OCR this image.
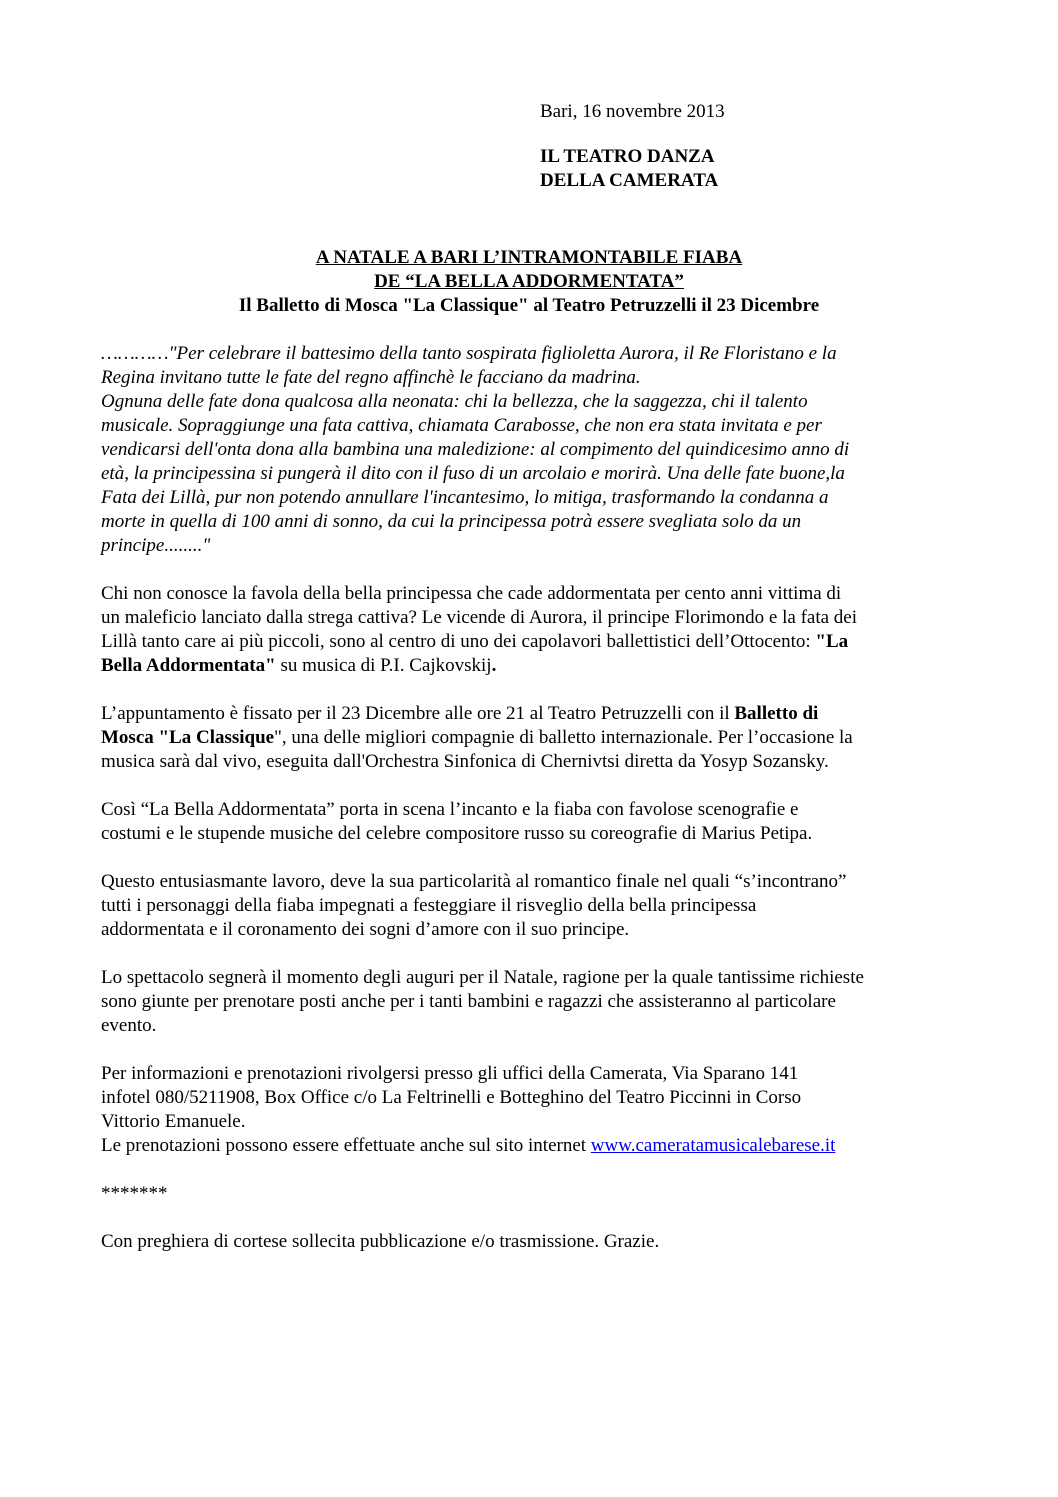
Bari, 16 novembre 2013
IL TEATRO DANZA
DELLA CAMERATA
A NATALE A BARI L’INTRAMONTABILE FIABA
DE “LA BELLA ADDORMENTATA”
Il Balletto di Mosca "La Classique" al Teatro Petruzzelli il 23 Dicembre

…………"Per celebrare il battesimo della tanto sospirata figlioletta Aurora, il Re Floristano e la
Regina invitano tutte le fate del regno affinchè le facciano da madrina.
Ognuna delle fate dona qualcosa alla neonata: chi la bellezza, che la saggezza, chi il talento
musicale. Sopraggiunge una fata cattiva, chiamata Carabosse, che non era stata invitata e per
vendicarsi dell'onta dona alla bambina una maledizione: al compimento del quindicesimo anno di
età, la principessina si pungerà il dito con il fuso di un arcolaio e morirà. Una delle fate buone,la
Fata dei Lillà, pur non potendo annullare l'incantesimo, lo mitiga, trasformando la condanna a
morte in quella di 100 anni di sonno, da cui la principessa potrà essere svegliata solo da un
principe........"

Chi non conosce la favola della bella principessa che cade addormentata per cento anni vittima di
un maleficio lanciato dalla strega cattiva? Le vicende di Aurora, il principe Florimondo e la fata dei
Lillà tanto care ai più piccoli, sono al centro di uno dei capolavori ballettistici dell’Ottocento: "La
Bella Addormentata" su musica di P.I. Cajkovskij.

L’appuntamento è fissato per il 23 Dicembre alle ore 21 al Teatro Petruzzelli con il Balletto di
Mosca "La Classique", una delle migliori compagnie di balletto internazionale. Per l’occasione la
musica sarà dal vivo, eseguita dall'Orchestra Sinfonica di Chernivtsi diretta da Yosyp Sozansky.

Così “La Bella Addormentata” porta in scena l’incanto e la fiaba con favolose scenografie e
costumi e le stupende musiche del celebre compositore russo su coreografie di Marius Petipa.

Questo entusiasmante lavoro, deve la sua particolarità al romantico finale nel quali “s’incontrano”
tutti i personaggi della fiaba impegnati a festeggiare il risveglio della bella principessa
addormentata e il coronamento dei sogni d’amore con il suo principe.

Lo spettacolo segnerà il momento degli auguri per il Natale, ragione per la quale tantissime richieste
sono giunte per prenotare posti anche per i tanti bambini e ragazzi che assisteranno al particolare
evento.

Per informazioni e prenotazioni rivolgersi presso gli uffici della Camerata, Via Sparano 141
infotel 080/5211908, Box Office c/o La Feltrinelli e Botteghino del Teatro Piccinni in Corso
Vittorio Emanuele.
Le prenotazioni possono essere effettuate anche sul sito internet www.cameratamusicalebarese.it

*******

Con preghiera di cortese sollecita pubblicazione e/o trasmissione. Grazie.
